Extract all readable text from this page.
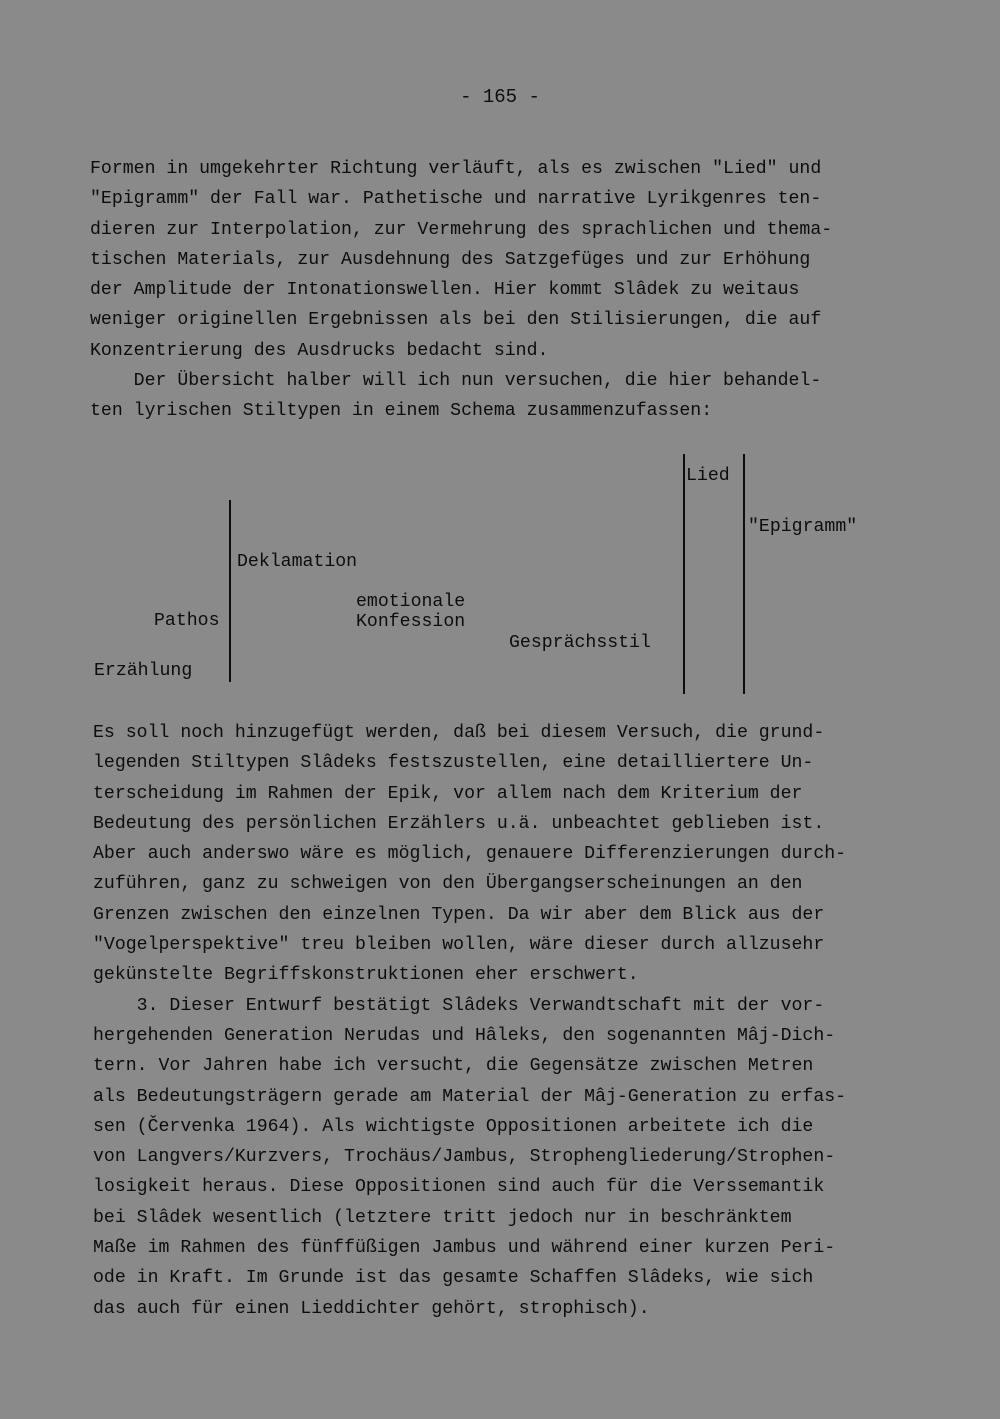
- 165 -
Formen in umgekehrter Richtung verläuft, als es zwischen "Lied" und
"Epigramm" der Fall war. Pathetische und narrative Lyrikgenres ten-
dieren zur Interpolation, zur Vermehrung des sprachlichen und thema-
tischen Materials, zur Ausdehnung des Satzgefüges und zur Erhöhung
der Amplitude der Intonationswellen. Hier kommt Slâdek zu weitaus
weniger originellen Ergebnissen als bei den Stilisierungen, die auf
Konzentrierung des Ausdrucks bedacht sind.
Der Übersicht halber will ich nun versuchen, die hier behandel-
ten lyrischen Stiltypen in einem Schema zusammenzufassen:
Lied
"Epigramm"
Deklamation
emotionale
Konfession
Pathos
Gesprächsstil
Erzählung
Es soll noch hinzugefügt werden, daß bei diesem Versuch, die grund-
legenden Stiltypen Slâdeks festszustellen, eine detailliertere Un-
terscheidung im Rahmen der Epik, vor allem nach dem Kriterium der
Bedeutung des persönlichen Erzählers u.ä. unbeachtet geblieben ist.
Aber auch anderswo wäre es möglich, genauere Differenzierungen durch-
zuführen, ganz zu schweigen von den Übergangserscheinungen an den
Grenzen zwischen den einzelnen Typen. Da wir aber dem Blick aus der
"Vogelperspektive" treu bleiben wollen, wäre dieser durch allzusehr
gekünstelte Begriffskonstruktionen eher erschwert.
3. Dieser Entwurf bestätigt Slâdeks Verwandtschaft mit der vor-
hergehenden Generation Nerudas und Hâleks, den sogenannten Mâj-Dich-
tern. Vor Jahren habe ich versucht, die Gegensätze zwischen Metren
als Bedeutungsträgern gerade am Material der Mâj-Generation zu erfas-
sen (Červenka 1964). Als wichtigste Oppositionen arbeitete ich die
von Langvers/Kurzvers, Trochäus/Jambus, Strophengliederung/Strophen-
losigkeit heraus. Diese Oppositionen sind auch für die Verssemantik
bei Slâdek wesentlich (letztere tritt jedoch nur in beschränktem
Maße im Rahmen des fünffüßigen Jambus und während einer kurzen Peri-
ode in Kraft. Im Grunde ist das gesamte Schaffen Slâdeks, wie sich
das auch für einen Lieddichter gehört, strophisch).
